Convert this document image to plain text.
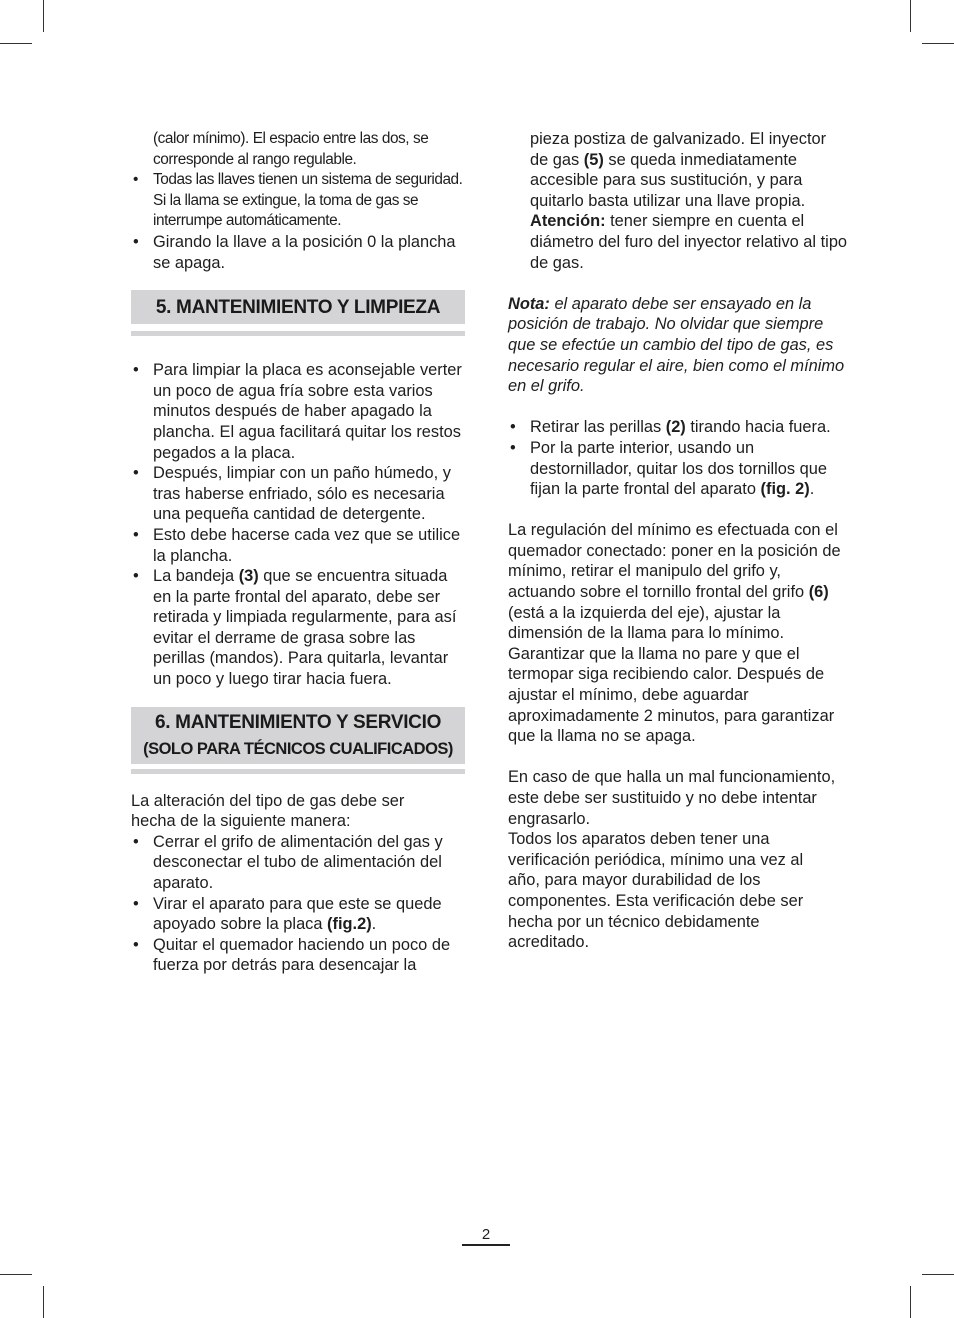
(calor mínimo). El espacio entre las dos, se corresponde al rango regulable.

• Todas las llaves tienen un sistema de seguridad. Si la llama se extingue, la toma de gas se interrumpe automáticamente.

• Girando la llave a la posición 0 la plancha se apaga.

5. MANTENIMIENTO Y LIMPIEZA

• Para limpiar la placa es aconsejable verter un poco de agua fría sobre esta varios minutos después de haber apagado la plancha. El agua facilitará quitar los restos pegados a la placa.

• Después, limpiar con un paño húmedo, y tras haberse enfriado, sólo es necesaria una pequeña cantidad de detergente.

• Esto debe hacerse cada vez que se utilice la plancha.

• La bandeja (3) que se encuentra situada en la parte frontal del aparato, debe ser retirada y limpiada regularmente, para así evitar el derrame de grasa sobre las perillas (mandos). Para quitarla, levantar un poco y luego tirar hacia fuera.

6. MANTENIMIENTO Y SERVICIO
(SOLO PARA TÉCNICOS CUALIFICADOS)

La alteración del tipo de gas debe ser hecha de la siguiente manera:

• Cerrar el grifo de alimentación del gas y desconectar el tubo de alimentación del aparato.

• Virar el aparato para que este se quede apoyado sobre la placa (fig.2).

• Quitar el quemador haciendo un poco de fuerza por detrás para desencajar la

pieza postiza de galvanizado. El inyector de gas (5) se queda inmediatamente accesible para sus sustitución, y para quitarlo basta utilizar una llave propia. Atención: tener siempre en cuenta el diámetro del furo del inyector relativo al tipo de gas.

Nota: el aparato debe ser ensayado en la posición de trabajo. No olvidar que siempre que se efectúe un cambio del tipo de gas, es necesario regular el aire, bien como el mínimo en el grifo.

• Retirar las perillas (2) tirando hacia fuera.

• Por la parte interior, usando un destornillador, quitar los dos tornillos que fijan la parte frontal del aparato (fig. 2).

La regulación del mínimo es efectuada con el quemador conectado: poner en la posición de mínimo, retirar el manipulo del grifo y, actuando sobre el tornillo frontal del grifo (6) (está a la izquierda del eje), ajustar la dimensión de la llama para lo mínimo. Garantizar que la llama no pare y que el termopar siga recibiendo calor. Después de ajustar el mínimo, debe aguardar aproximadamente 2 minutos, para garantizar que la llama no se apaga.

En caso de que halla un mal funcionamiento, este debe ser sustituido y no debe intentar engrasarlo.

Todos los aparatos deben tener una verificación periódica, mínimo una vez al año, para mayor durabilidad de los componentes. Esta verificación debe ser hecha por un técnico debidamente acreditado.

2
